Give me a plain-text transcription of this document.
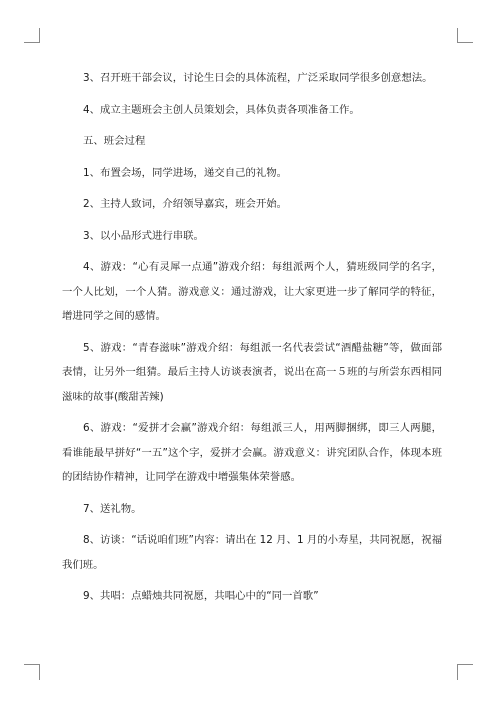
3、召开班干部会议，讨论生日会的具体流程，广泛采取同学很多创意想法。

4、成立主题班会主创人员策划会，具体负责各项准备工作。

五、班会过程

1、布置会场，同学进场，递交自己的礼物。

2、主持人致词，介绍领导嘉宾，班会开始。

3、以小品形式进行串联。

4、游戏：“心有灵犀一点通”游戏介绍：每组派两个人，猜班级同学的名字，一个人比划，一个人猜。游戏意义：通过游戏，让大家更进一步了解同学的特征，增进同学之间的感情。

5、游戏：“青春滋味”游戏介绍：每组派一名代表尝试“酒醋盐糖”等，做面部表情，让另外一组猜。最后主持人访谈表演者，说出在高一５班的与所尝东西相同滋味的故事(酸甜苦辣)

6、游戏：“爱拼才会赢”游戏介绍：每组派三人，用两脚捆绑，即三人两腿，看谁能最早拼好“一五”这个字，爱拼才会赢。游戏意义：讲究团队合作，体现本班的团结协作精神，让同学在游戏中增强集体荣誉感。

7、送礼物。

8、访谈：“话说咱们班”内容：请出在 12 月、1 月的小寿星，共同祝愿，祝福我们班。

9、共唱：点蜡烛共同祝愿，共唱心中的“同一首歌”
